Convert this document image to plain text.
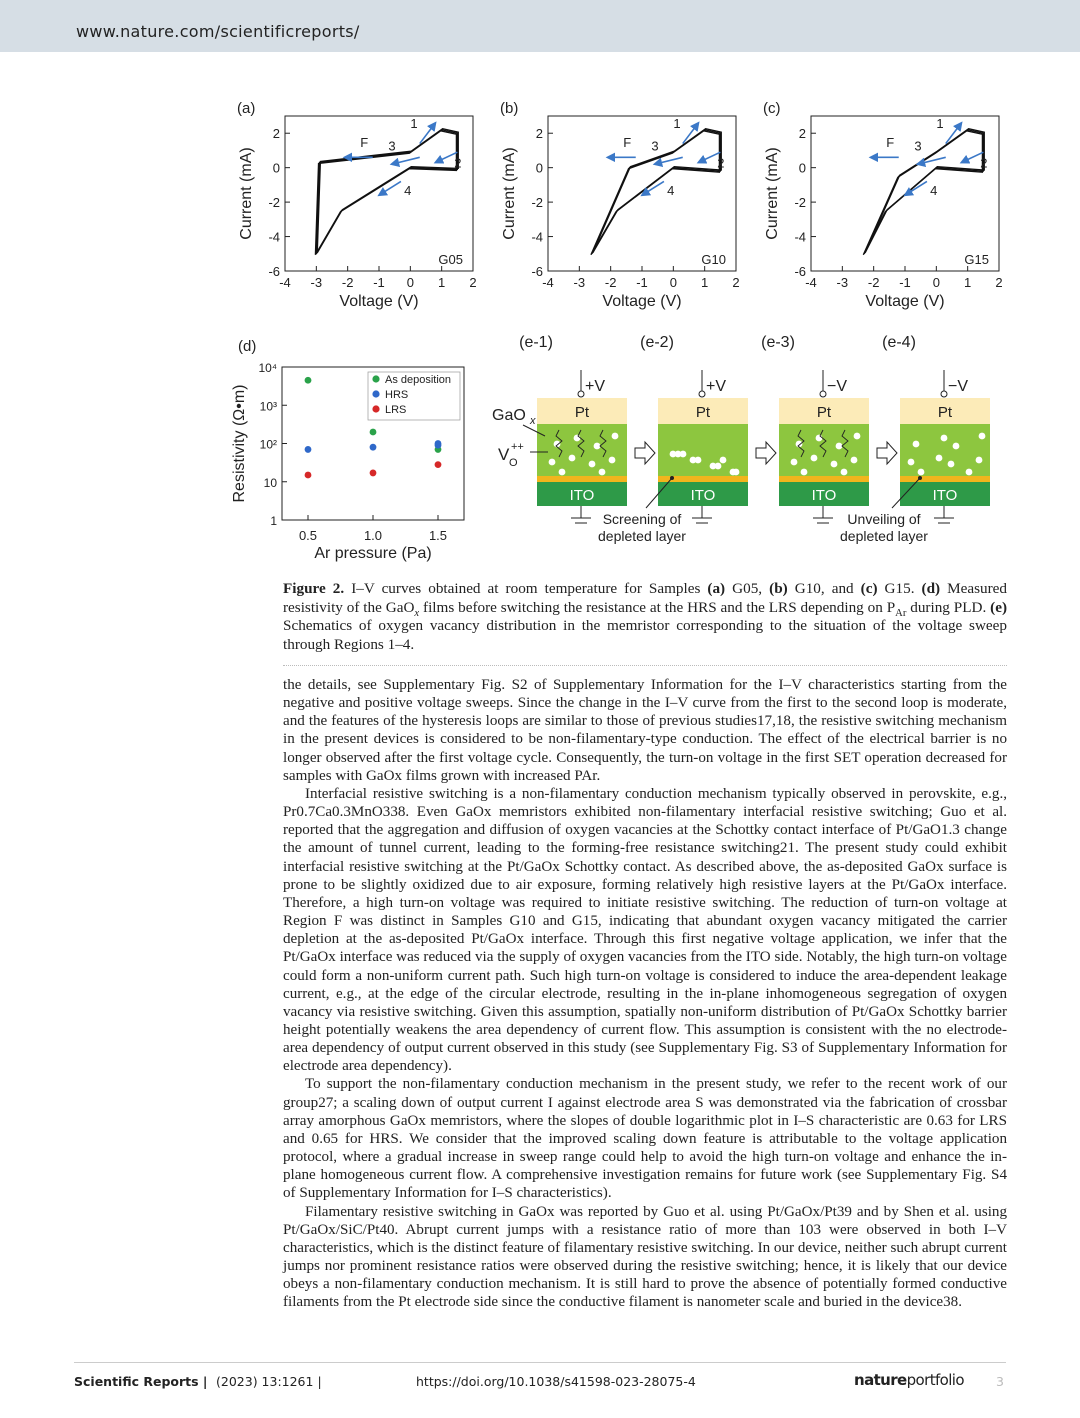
www.nature.com/scientificreports/
(a)
-4 -3 -2 -1 0 1 2
2
0
-2
-4
-6
Voltage (V)
Current (mA)
G05
F 3
1
2
4
(b)
-4 -3 -2 -1 0 1 2
2
0
-2
-4
-6
Voltage (V)
Current (mA)
G10
F 3
1
2
4
(c)
-4 -3 -2 -1 0 1 2
2
0
-2
-4
-6
Voltage (V)
Current (mA)
G15
F 3
1
2
4
(d)
0.5	1.0	1.5
1
10
10²
10³
10⁴
Ar pressure (Pa)
Resistivity (Ω•m)
As deposition
HRS
LRS
(e-1)
+V
Pt
ITO
(e-2)
+V
Pt
ITO
(e-3)
−V
Pt
ITO
(e-4)
−V
Pt
ITO
GaO x
V ++
O
Screening of
depleted layer
Unveiling of
depleted layer
Figure 2. I–V curves obtained at room temperature for Samples (a) G05, (b) G10, and (c) G15. (d) Measured resistivity of the GaO$_x$ films before switching the resistance at the HRS and the LRS depending on $P_{Ar}$ during PLD. (e) Schematics of oxygen vacancy distribution in the memristor corresponding to the situation of the voltage sweep through Regions 1–4.

the details, see Supplementary Fig. S2 of Supplementary Information for the I–V characteristics starting from the negative and positive voltage sweeps. Since the change in the I–V curve from the first to the second loop is moderate, and the features of the hysteresis loops are similar to those of previous studies17,18, the resistive switching mechanism in the present devices is considered to be non-filamentary-type conduction. The effect of the electrical barrier is no longer observed after the first voltage cycle. Consequently, the turn-on voltage in the first SET operation decreased for samples with GaOx films grown with increased PAr.

Interfacial resistive switching is a non-filamentary conduction mechanism typically observed in perovskite, e.g., Pr0.7Ca0.3MnO338. Even GaOx memristors exhibited non-filamentary interfacial resistive switching; Guo et al. reported that the aggregation and diffusion of oxygen vacancies at the Schottky contact interface of Pt/GaO1.3 change the amount of tunnel current, leading to the forming-free resistance switching21. The present study could exhibit interfacial resistive switching at the Pt/GaOx Schottky contact. As described above, the as-deposited GaOx surface is prone to be slightly oxidized due to air exposure, forming relatively high resistive layers at the Pt/GaOx interface. Therefore, a high turn-on voltage was required to initiate resistive switching. The reduction of turn-on voltage at Region F was distinct in Samples G10 and G15, indicating that abundant oxygen vacancy mitigated the carrier depletion at the as-deposited Pt/GaOx interface. Through this first negative voltage application, we infer that the Pt/GaOx interface was reduced via the supply of oxygen vacancies from the ITO side. Notably, the high turn-on voltage could form a non-uniform current path. Such high turn-on voltage is considered to induce the area-dependent leakage current, e.g., at the edge of the circular electrode, resulting in the in-plane inhomogeneous segregation of oxygen vacancy via resistive switching. Given this assumption, spatially non-uniform distribution of Pt/GaOx Schottky barrier height potentially weakens the area dependency of current flow. This assumption is consistent with the no electrode-area dependency of output current observed in this study (see Supplementary Fig. S3 of Supplementary Information for electrode area dependency).

To support the non-filamentary conduction mechanism in the present study, we refer to the recent work of our group27; a scaling down of output current I against electrode area S was demonstrated via the fabrication of crossbar array amorphous GaOx memristors, where the slopes of double logarithmic plot in I–S characteristic are 0.63 for LRS and 0.65 for HRS. We consider that the improved scaling down feature is attributable to the voltage application protocol, where a gradual increase in sweep range could help to avoid the high turn-on voltage and enhance the in-plane homogeneous current flow. A comprehensive investigation remains for future work (see Supplementary Fig. S4 of Supplementary Information for I–S characteristics).

Filamentary resistive switching in GaOx was reported by Guo et al. using Pt/GaOx/Pt39 and by Shen et al. using Pt/GaOx/SiC/Pt40. Abrupt current jumps with a resistance ratio of more than 103 were observed in both I–V characteristics, which is the distinct feature of filamentary resistive switching. In our device, neither such abrupt current jumps nor prominent resistance ratios were observed during the resistive switching; hence, it is likely that our device obeys a non-filamentary conduction mechanism. It is still hard to prove the absence of potentially formed conductive filaments from the Pt electrode side since the conductive filament is nanometer scale and buried in the device38.

Scientific Reports | (2023) 13:1261 |	https://doi.org/10.1038/s41598-023-28075-4	natureportfolio	3
